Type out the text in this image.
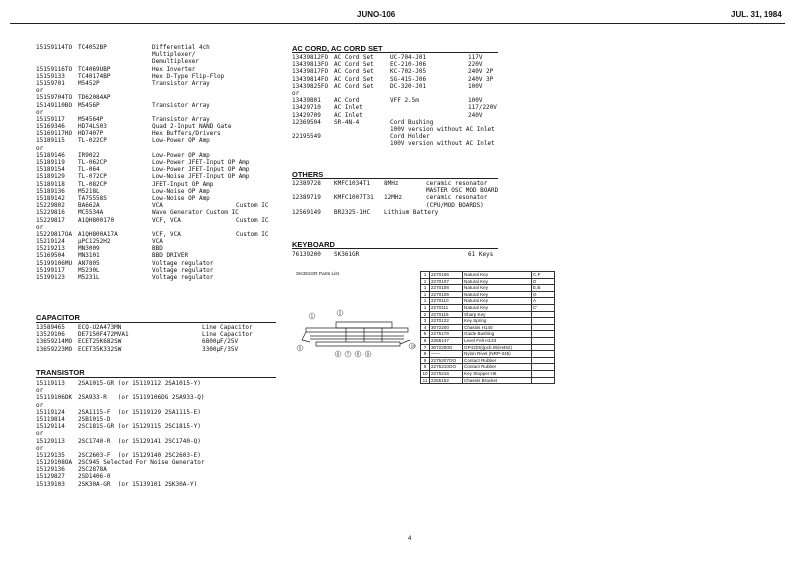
JUNO-106	JUL. 31, 1984
15159114TO TC4052BP	Differential 4ch
Multiplexer/
Demultiplexer
15159116TO TC4069UBP	Hex Inverter
15159133 TC40174BP	Hex D-Type Flip-Flop
15159701 M5452P	Transistor Array
or
15159704TO TD62084AP
15149110BO M5456P	Transistor Array
or
15159117 M54564P	Transistor Array
15169346 HD74LS03	Quad 2-Input NAND Gate
15169117HO HD7407P	Hex Buffers/Drivers
15189115 TL-022CP	Low-Power OP Amp
or
15189146 IR9022	Low-Power OP Amp
15189119 TL-062CP	Low-Power JFET-Input OP Amp
15189154 TL-064	Low-Power JFET-Input OP Amp
15189129 TL-072CP	Low-Noise JFET-Input OP Amp
15189118 TL-082CP	JFET-Input OP Amp
15189136 M5218L	Low-Noise OP Amp
15189142 TA75558S	Low-Noise OP Amp
15229802 BA662A	VCA	Custom IC
15229816 MC5534A	Wave Generator Custom IC
15229817 A1QH800170	VCF, VCA	Custom IC
or
15229817OA A1QH800A17A	VCF, VCA	Custom IC
15219124 μPC1252H2	VCA
15219213 MN3009	BBD
15169504 MN3101	BBD DRIVER
15199106MU AN7805	Voltage regulator
15199117 M5230L	Voltage regulator
15199123 M5231L	Voltage regulator
CAPACITOR
13589465 ECQ-U2A473MN	Line Capacitor
13529106 DE7150F472MVA1	Line Capacitor
13659214MO ECET25K682SW	6800μF/25V
13659223MO ECET35K332SW	3300μF/35V
TRANSISTOR
15119113 2SA1015-GR (or 15119112 2SA1015-Y)
or
15119106DK 2SA933-R   (or 15119106DG 2SA933-Q)
or
15119124 2SA1115-F  (or 15119129 2SA1115-E)
15119814 2SB1015-D
15129114 2SC1815-GR (or 15129115 2SC1815-Y)
or
15129113 2SC1740-R  (or 15129141 2SC1740-Q)
or
15129135 2SC2603-F  (or 15129140 2SC2603-E)
15129108OA 2SC945 Selected For Noise Generator
15129136 2SC2878A
15129827 2SD1406-0
15139103 2SK30A-GR  (or 15139101 2SK30A-Y)
AC CORD, AC CORD SET
13439812FO AC Cord Set	UC-704-J01	117V
13439813FO AC Cord Set	EC-210-J06	220V
13439817FO AC Cord Set	KC-702-J05	240V 2P
13439814FO AC Cord Set	SG-415-J06	240V 3P
13439825FO AC Cord Set	DC-320-J01	100V
or
13439801 AC Cord	VFF 2.5m	100V
13429710 AC Inlet	117/220V
13429709 AC Inlet	240V
12369504 SR-4N-4	Cord Bushing
100V version without AC Inlet
22195549	Cord Holder
100V version without AC Inlet
OTHERS
12389728 KMFC1034T1 8MHz	ceramic resonator
MASTER OSC MOD BOARD
12389719 KMFC1007T31 12MHz	ceramic resonator
(CPU/MOD BOARDS)
12569149 BR2325-1HC Lithium Battery
KEYBOARD
76139200 SK361GR	61 Keys
SK361GR Parts List
1
2
5
6 7 8 9
10
1	2270106	Natural Key	C,F
1	2270107	Natural Key	D
1	2270108	Natural Key	E,B
1	2270109	Natural Key	G
1	2270110	Natural Key	A
1	2270111	Natural Key	C'
2	2270116	Sharp Key	
3	2270122	Key Spring	
4	3072200	Chassis H140	
5	2275176	Guide Bushing	
6	2255147	Level Felt H143	
7	3072200G	GP42(I5)(pcb.05)H462)	
8	——	Nylon Rivet (NRP-345)	
9	2275207OO	Contact Rubber	
9	2275210OO	Contact Rubber	
10	2275216	Key Stopper H6	
11	2255152	Chassis Bracket	
4
